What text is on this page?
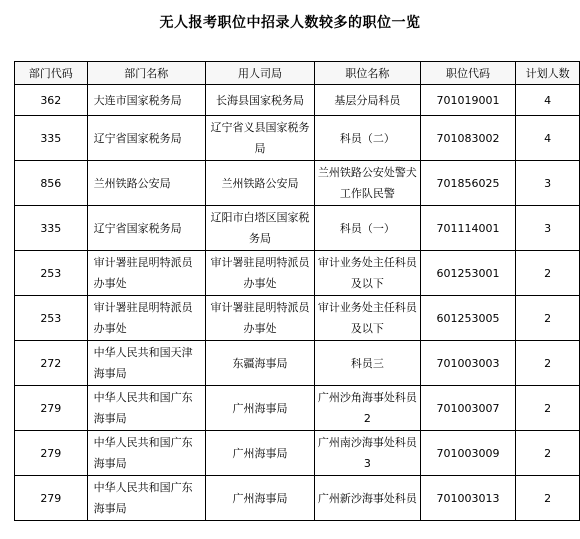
无人报考职位中招录人数较多的职位一览
部门代码	部门名称	用人司局	职位名称	职位代码	计划人数
362	大连市国家税务局	长海县国家税务局	基层分局科员	701019001	4
335	辽宁省国家税务局	辽宁省义县国家税务局	科员（二）	701083002	4
856	兰州铁路公安局	兰州铁路公安局	兰州铁路公安处警犬工作队民警	701856025	3
335	辽宁省国家税务局	辽阳市白塔区国家税务局	科员（一）	701114001	3
253	审计署驻昆明特派员办事处	审计署驻昆明特派员办事处	审计业务处主任科员及以下	601253001	2
253	审计署驻昆明特派员办事处	审计署驻昆明特派员办事处	审计业务处主任科员及以下	601253005	2
272	中华人民共和国天津海事局	东疆海事局	科员三	701003003	2
279	中华人民共和国广东海事局	广州海事局	广州沙角海事处科员 2	701003007	2
279	中华人民共和国广东海事局	广州海事局	广州南沙海事处科员 3	701003009	2
279	中华人民共和国广东海事局	广州海事局	广州新沙海事处科员	701003013	2
